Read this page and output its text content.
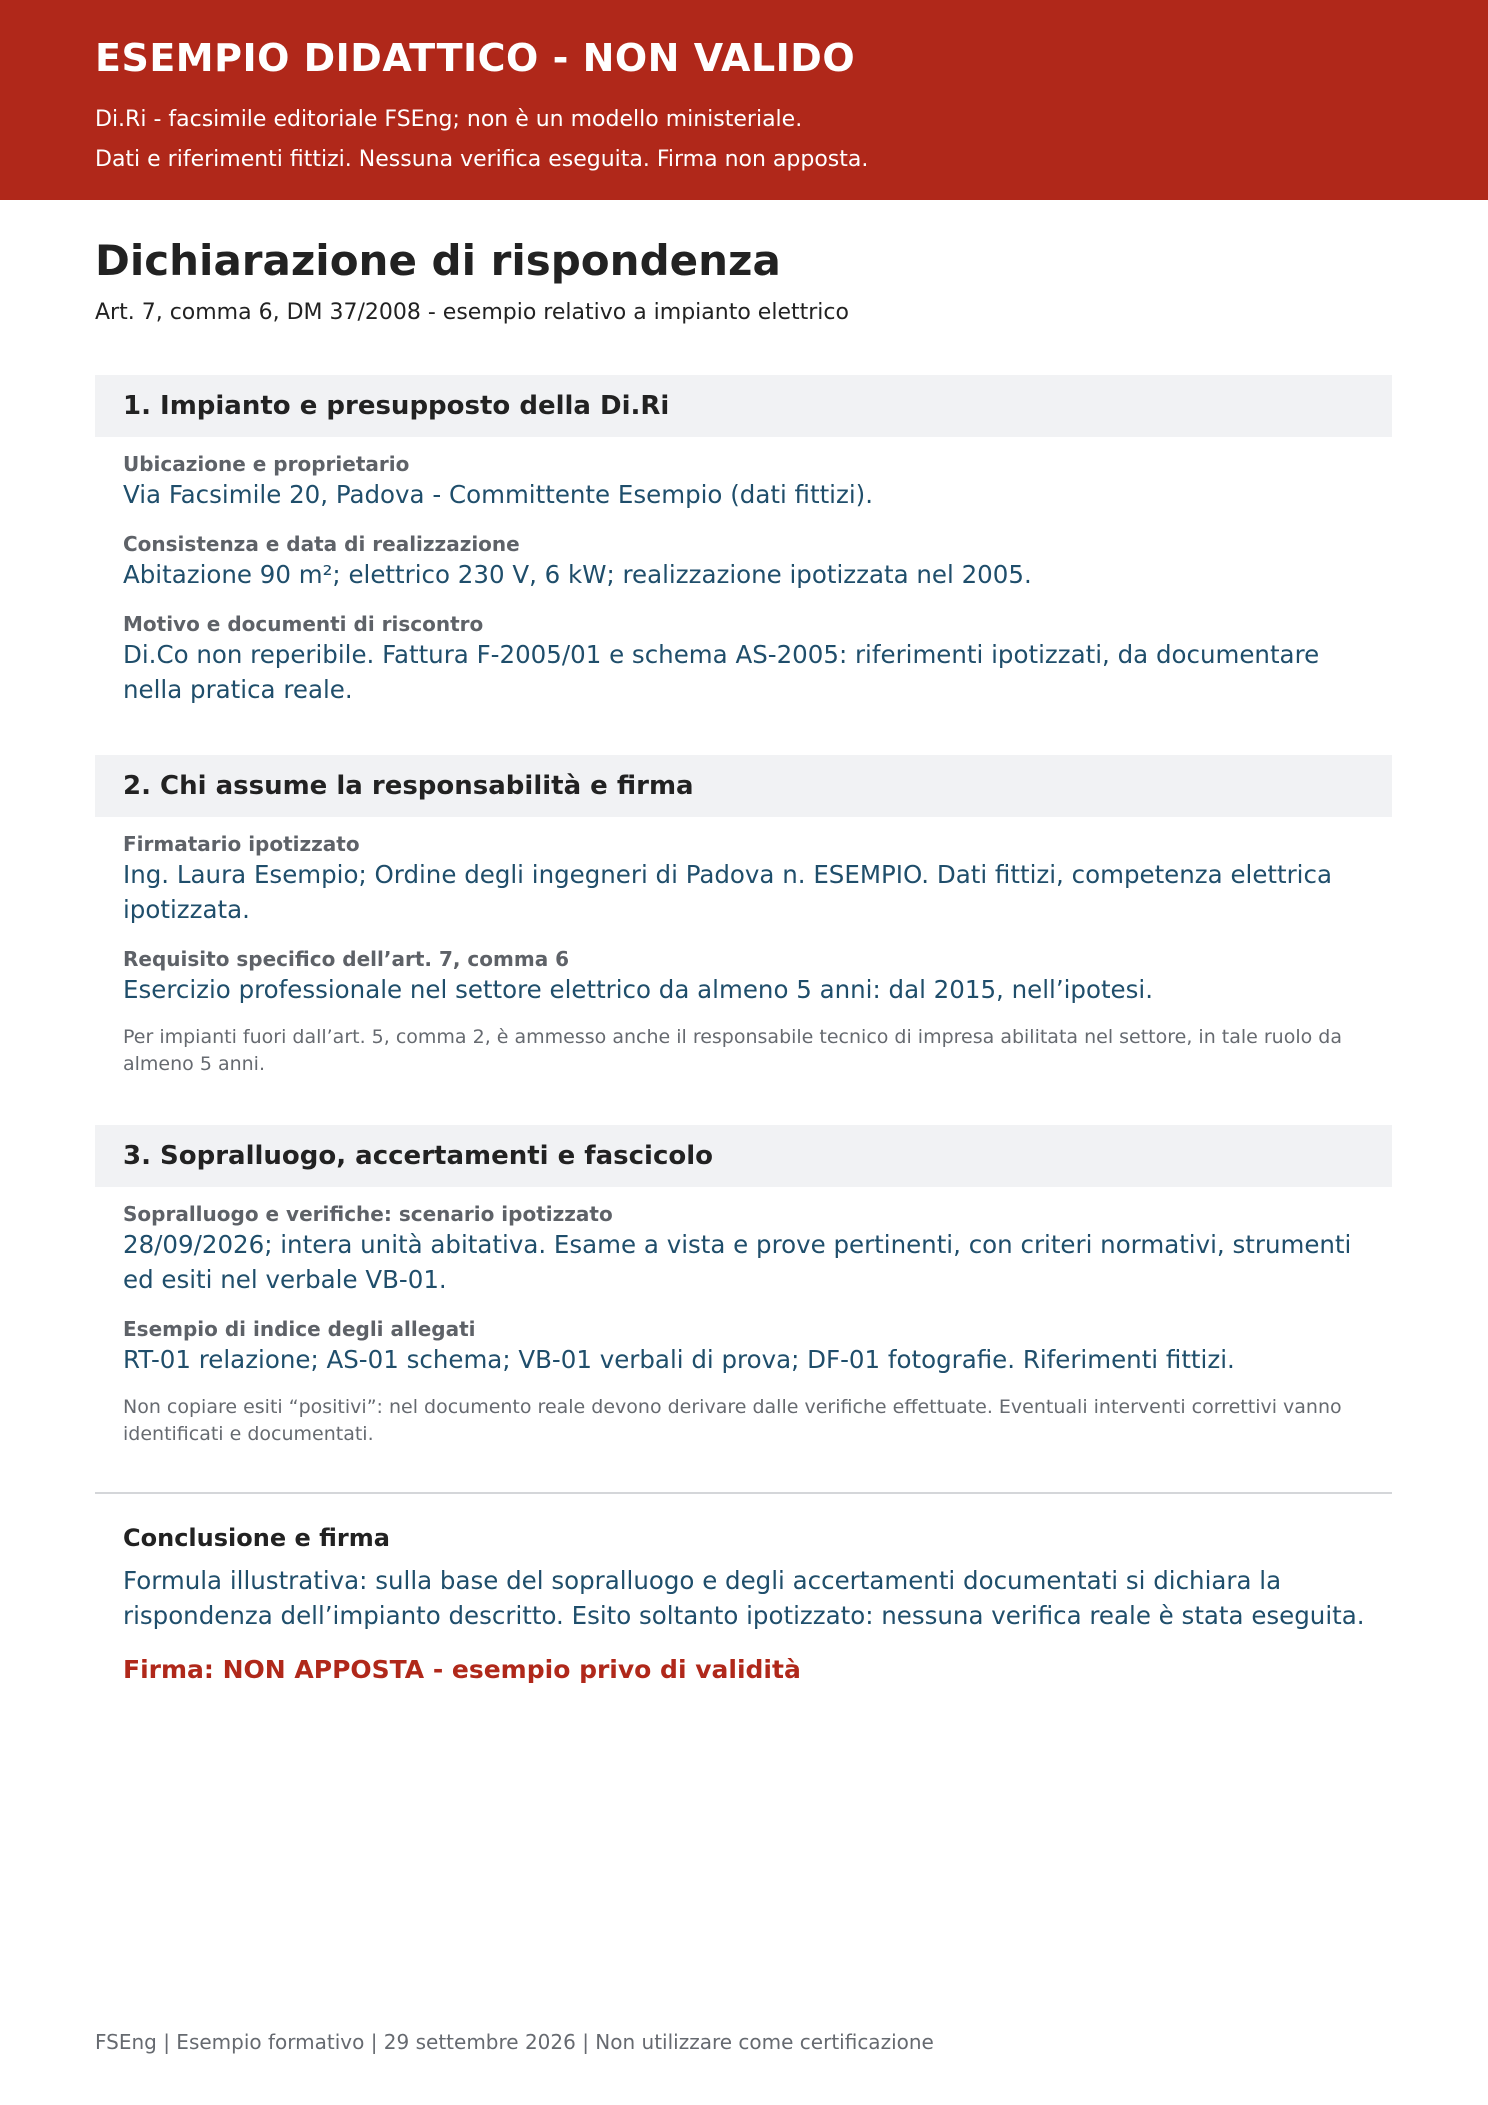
ESEMPIO DIDATTICO - NON VALIDO
Di.Ri - facsimile editoriale FSEng; non è un modello ministeriale.
Dati e riferimenti fittizi. Nessuna verifica eseguita. Firma non apposta.
Dichiarazione di rispondenza
Art. 7, comma 6, DM 37/2008 - esempio relativo a impianto elettrico
1. Impianto e presupposto della Di.Ri
Ubicazione e proprietario
Via Facsimile 20, Padova - Committente Esempio (dati fittizi).
Consistenza e data di realizzazione
Abitazione 90 m²; elettrico 230 V, 6 kW; realizzazione ipotizzata nel 2005.
Motivo e documenti di riscontro
Di.Co non reperibile. Fattura F-2005/01 e schema AS-2005: riferimenti ipotizzati, da documentare nella pratica reale.
2. Chi assume la responsabilità e firma
Firmatario ipotizzato
Ing. Laura Esempio; Ordine degli ingegneri di Padova n. ESEMPIO. Dati fittizi, competenza elettrica ipotizzata.
Requisito specifico dell’art. 7, comma 6
Esercizio professionale nel settore elettrico da almeno 5 anni: dal 2015, nell’ipotesi.
Per impianti fuori dall’art. 5, comma 2, è ammesso anche il responsabile tecnico di impresa abilitata nel settore, in tale ruolo da almeno 5 anni.
3. Sopralluogo, accertamenti e fascicolo
Sopralluogo e verifiche: scenario ipotizzato
28/09/2026; intera unità abitativa. Esame a vista e prove pertinenti, con criteri normativi, strumenti ed esiti nel verbale VB-01.
Esempio di indice degli allegati
RT-01 relazione; AS-01 schema; VB-01 verbali di prova; DF-01 fotografie. Riferimenti fittizi.
Non copiare esiti “positivi”: nel documento reale devono derivare dalle verifiche effettuate. Eventuali interventi correttivi vanno identificati e documentati.
Conclusione e firma
Formula illustrativa: sulla base del sopralluogo e degli accertamenti documentati si dichiara la rispondenza dell’impianto descritto. Esito soltanto ipotizzato: nessuna verifica reale è stata eseguita.
Firma: NON APPOSTA - esempio privo di validità
FSEng | Esempio formativo | 29 settembre 2026 | Non utilizzare come certificazione
